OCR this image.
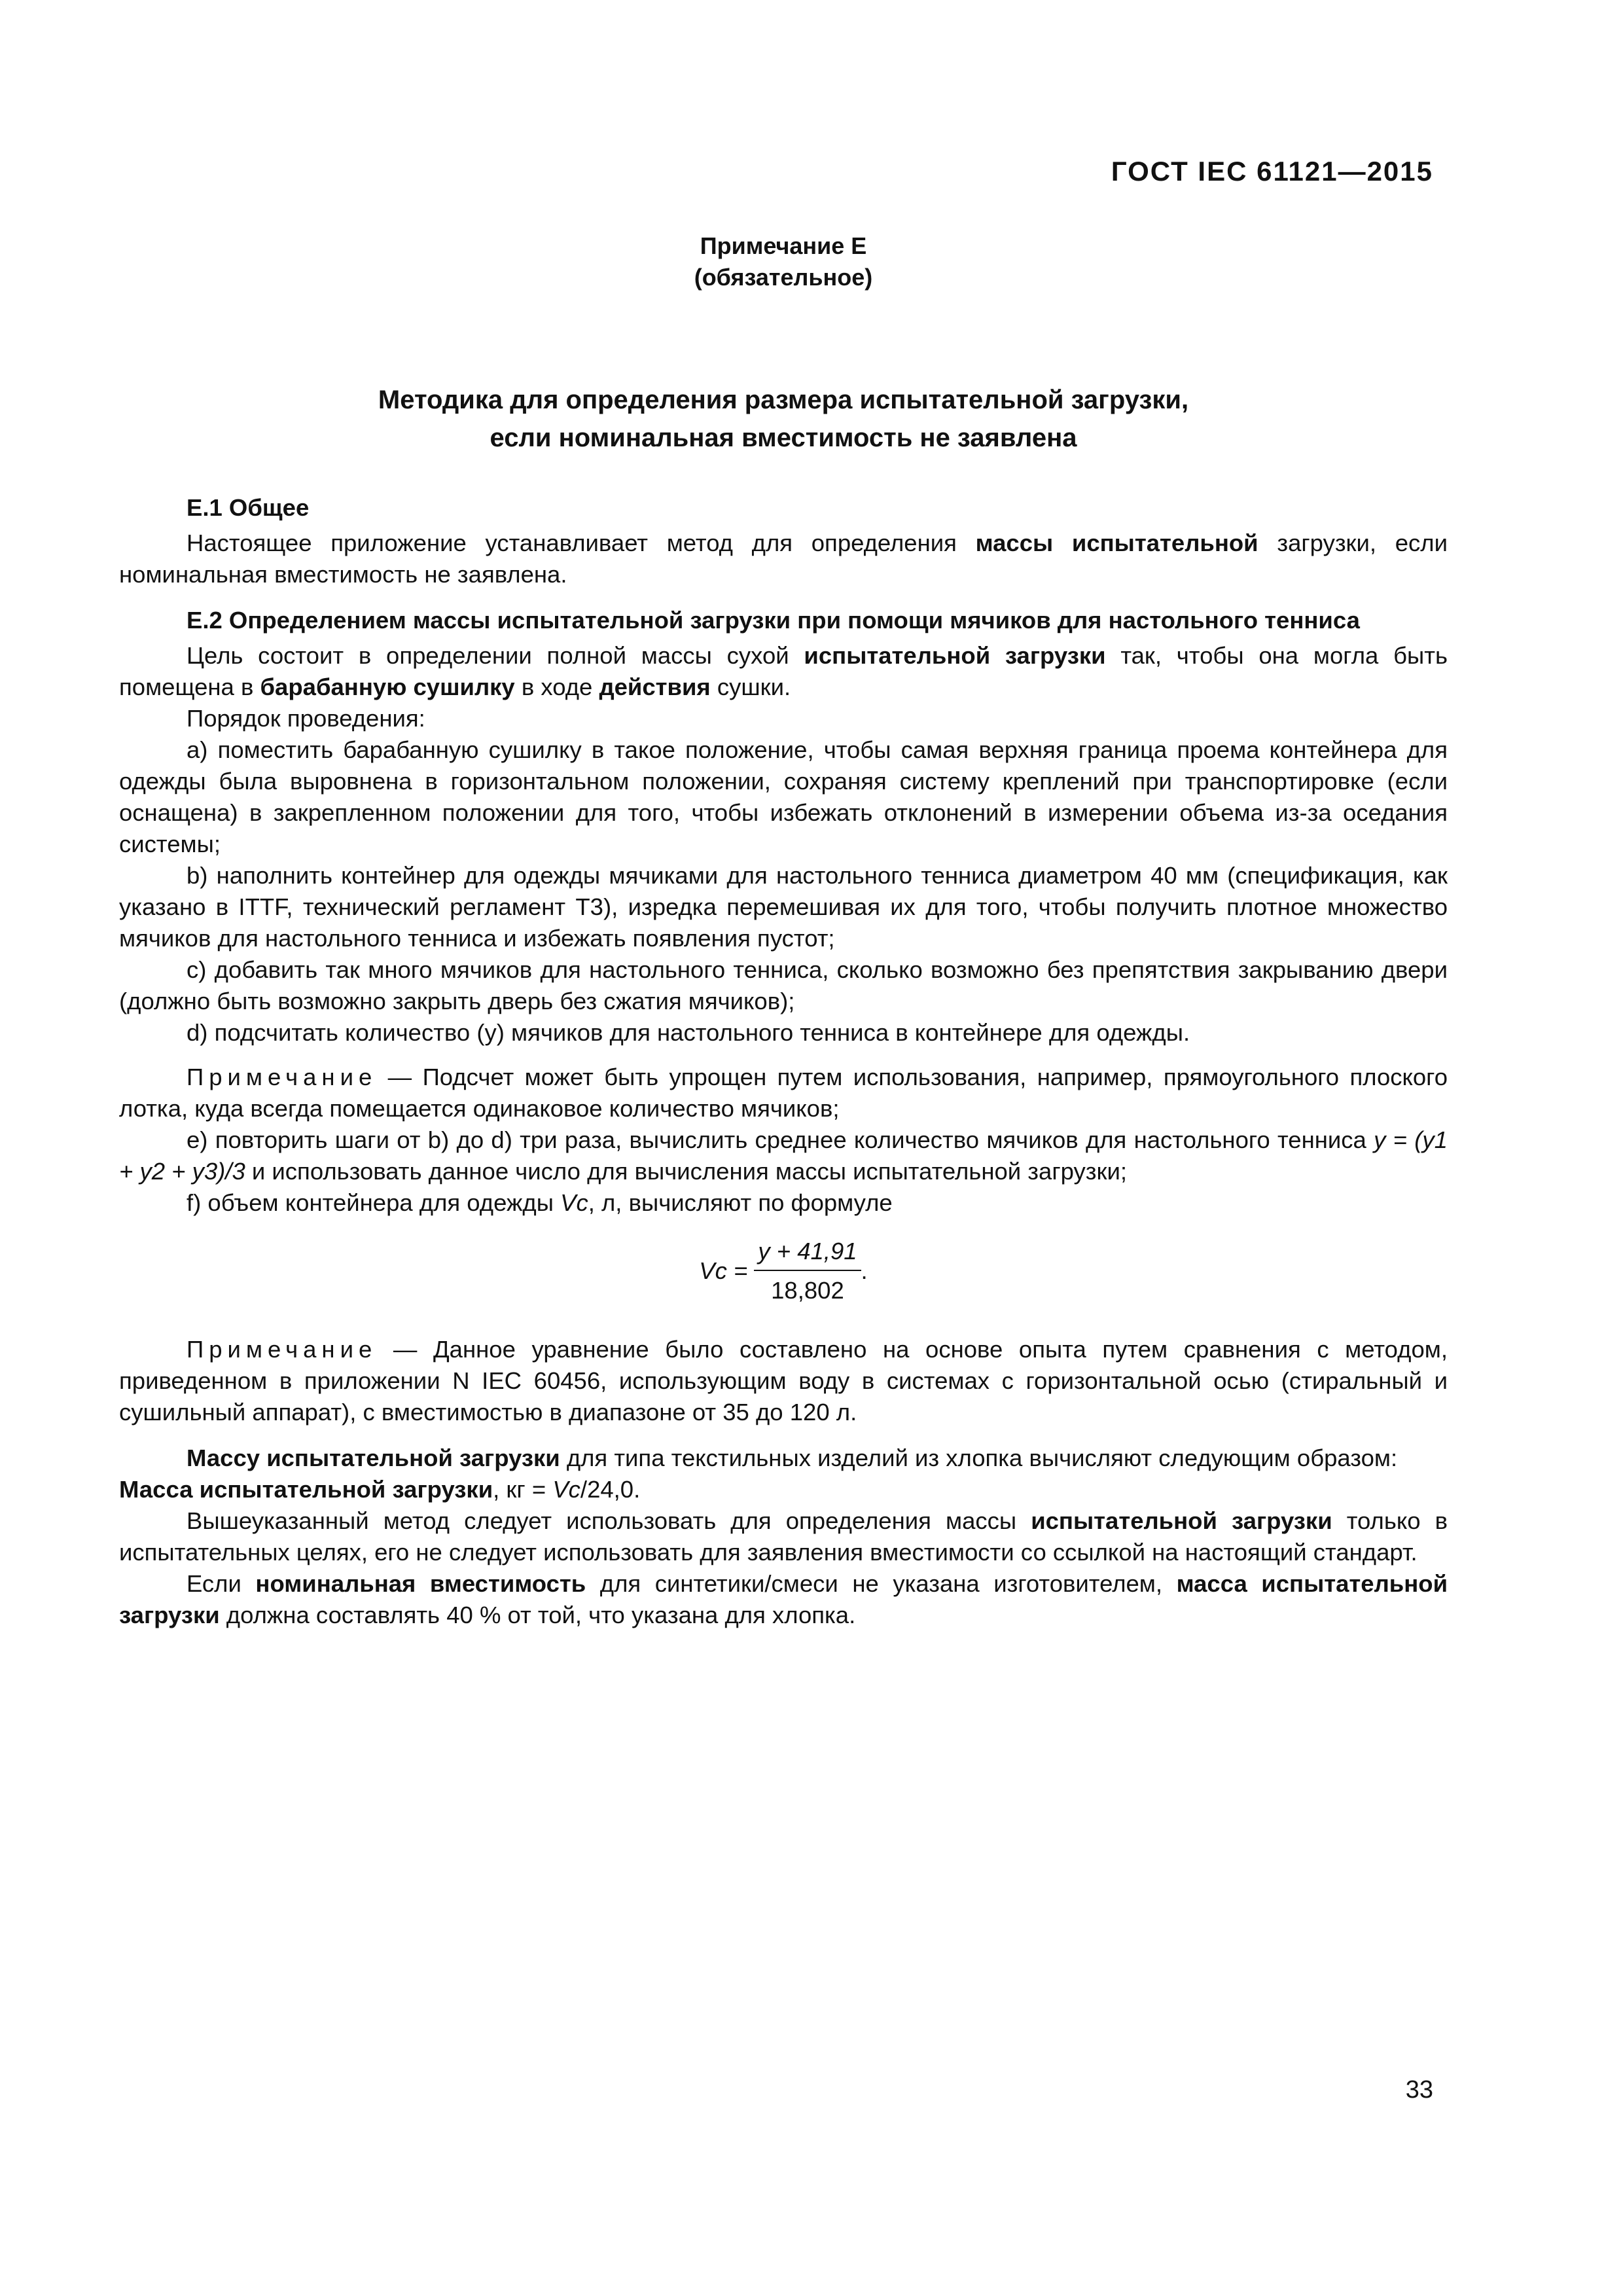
ГОСТ IEC 61121—2015
Примечание E
(обязательное)
Методика для определения размера испытательной загрузки,
если номинальная вместимость не заявлена

E.1 Общее

Настоящее приложение устанавливает метод для определения массы испытательной загрузки, если номинальная вместимость не заявлена.

E.2 Определением массы испытательной загрузки при помощи мячиков для настольного тенниса

Цель состоит в определении полной массы сухой испытательной загрузки так, чтобы она могла быть помещена в барабанную сушилку в ходе действия сушки.

Порядок проведения:

a) поместить барабанную сушилку в такое положение, чтобы самая верхняя граница проема контейнера для одежды была выровнена в горизонтальном положении, сохраняя систему креплений при транспортировке (если оснащена) в закрепленном положении для того, чтобы избежать отклонений в измерении объема из-за оседания системы;

b) наполнить контейнер для одежды мячиками для настольного тенниса диаметром 40 мм (спецификация, как указано в ITTF, технический регламент T3), изредка перемешивая их для того, чтобы получить плотное множество мячиков для настольного тенниса и избежать появления пустот;

c) добавить так много мячиков для настольного тенниса, сколько возможно без препятствия закрыванию двери (должно быть возможно закрыть дверь без сжатия мячиков);

d) подсчитать количество (y) мячиков для настольного тенниса в контейнере для одежды.

Примечание — Подсчет может быть упрощен путем использования, например, прямоугольного плоского лотка, куда всегда помещается одинаковое количество мячиков;

e) повторить шаги от b) до d) три раза, вычислить среднее количество мячиков для настольного тенниса y = (y1 + y2 + y3)/3 и использовать данное число для вычисления массы испытательной загрузки;

f) объем контейнера для одежды Vc, л, вычисляют по формуле

$Vc = \frac{y + 41,91}{18,802}$ .

Примечание — Данное уравнение было составлено на основе опыта путем сравнения с методом, приведенном в приложении N IEC 60456, использующим воду в системах с горизонтальной осью (стиральный и сушильный аппарат), с вместимостью в диапазоне от 35 до 120 л.

Массу испытательной загрузки для типа текстильных изделий из хлопка вычисляют следующим образом:

Масса испытательной загрузки, кг = Vc/24,0.

Вышеуказанный метод следует использовать для определения массы испытательной загрузки только в испытательных целях, его не следует использовать для заявления вместимости со ссылкой на настоящий стандарт.

Если номинальная вместимость для синтетики/смеси не указана изготовителем, масса испытательной загрузки должна составлять 40 % от той, что указана для хлопка.

33
